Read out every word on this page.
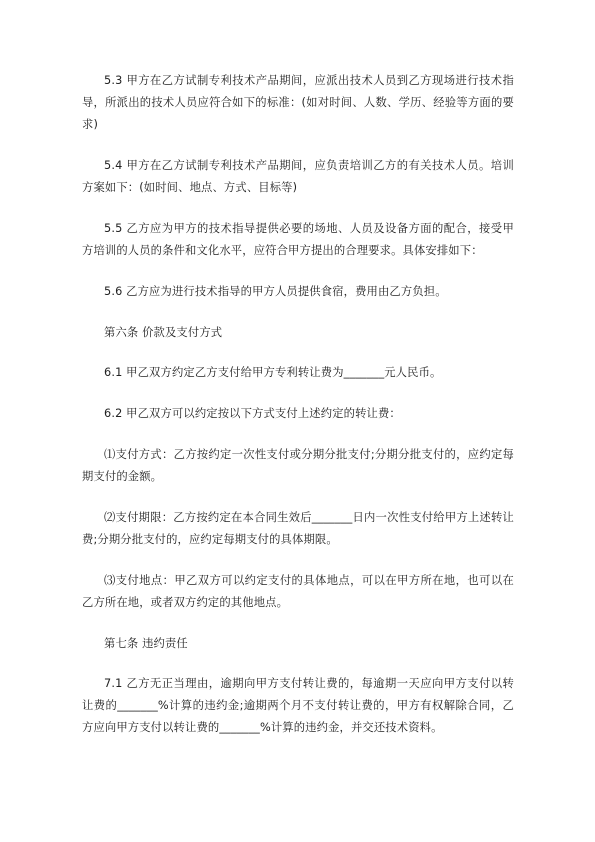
5.3 甲方在乙方试制专利技术产品期间，应派出技术人员到乙方现场进行技术指导，所派出的技术人员应符合如下的标准：(如对时间、人数、学历、经验等方面的要求)

5.4 甲方在乙方试制专利技术产品期间，应负责培训乙方的有关技术人员。培训方案如下：(如时间、地点、方式、目标等)

5.5 乙方应为甲方的技术指导提供必要的场地、人员及设备方面的配合，接受甲方培训的人员的条件和文化水平，应符合甲方提出的合理要求。具体安排如下：

5.6 乙方应为进行技术指导的甲方人员提供食宿，费用由乙方负担。

第六条 价款及支付方式

6.1 甲乙双方约定乙方支付给甲方专利转让费为_______元人民币。

6.2 甲乙双方可以约定按以下方式支付上述约定的转让费：

⑴支付方式：乙方按约定一次性支付或分期分批支付;分期分批支付的，应约定每期支付的金额。

⑵支付期限：乙方按约定在本合同生效后_______日内一次性支付给甲方上述转让费;分期分批支付的，应约定每期支付的具体期限。

⑶支付地点：甲乙双方可以约定支付的具体地点，可以在甲方所在地，也可以在乙方所在地，或者双方约定的其他地点。

第七条 违约责任

7.1 乙方无正当理由，逾期向甲方支付转让费的，每逾期一天应向甲方支付以转让费的_______%计算的违约金;逾期两个月不支付转让费的，甲方有权解除合同，乙方应向甲方支付以转让费的_______%计算的违约金，并交还技术资料。
